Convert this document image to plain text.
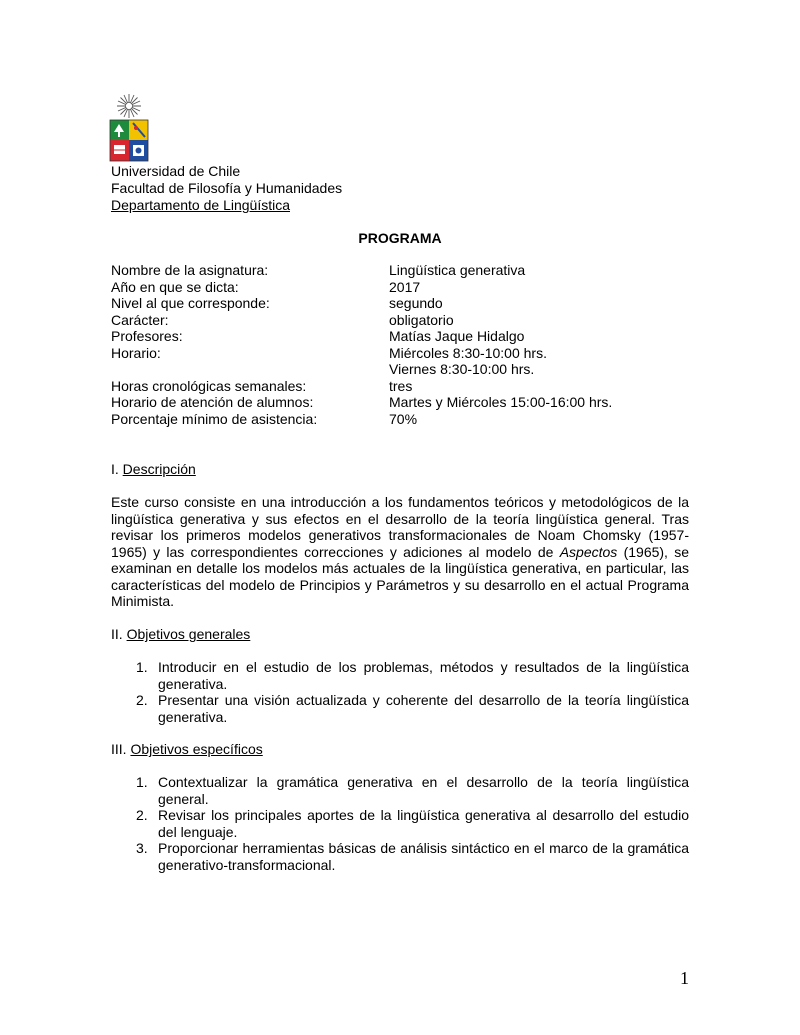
Universidad de Chile
Facultad de Filosofía y Humanidades
Departamento de Lingüística
PROGRAMA
Nombre de la asignatura:	Lingüística generativa
Año en que se dicta:	2017
Nivel al que corresponde:	segundo
Carácter:	obligatorio
Profesores:	Matías Jaque Hidalgo
Horario:	Miércoles 8:30-10:00 hrs.
Viernes 8:30-10:00 hrs.
Horas cronológicas semanales:	tres
Horario de atención de alumnos:	Martes y Miércoles 15:00-16:00 hrs.
Porcentaje mínimo de asistencia:	70%
I. Descripción
Este curso consiste en una introducción a los fundamentos teóricos y metodológicos de la lingüística generativa y sus efectos en el desarrollo de la teoría lingüística general. Tras revisar los primeros modelos generativos transformacionales de Noam Chomsky (1957-1965) y las correspondientes correcciones y adiciones al modelo de Aspectos (1965), se examinan en detalle los modelos más actuales de la lingüística generativa, en particular, las características del modelo de Principios y Parámetros y su desarrollo en el actual Programa Minimista.
II. Objetivos generales
1. Introducir en el estudio de los problemas, métodos y resultados de la lingüística generativa.
2. Presentar una visión actualizada y coherente del desarrollo de la teoría lingüística generativa.
III. Objetivos específicos
1. Contextualizar la gramática generativa en el desarrollo de la teoría lingüística general.
2. Revisar los principales aportes de la lingüística generativa al desarrollo del estudio del lenguaje.
3. Proporcionar herramientas básicas de análisis sintáctico en el marco de la gramática generativo-transformacional.
1
